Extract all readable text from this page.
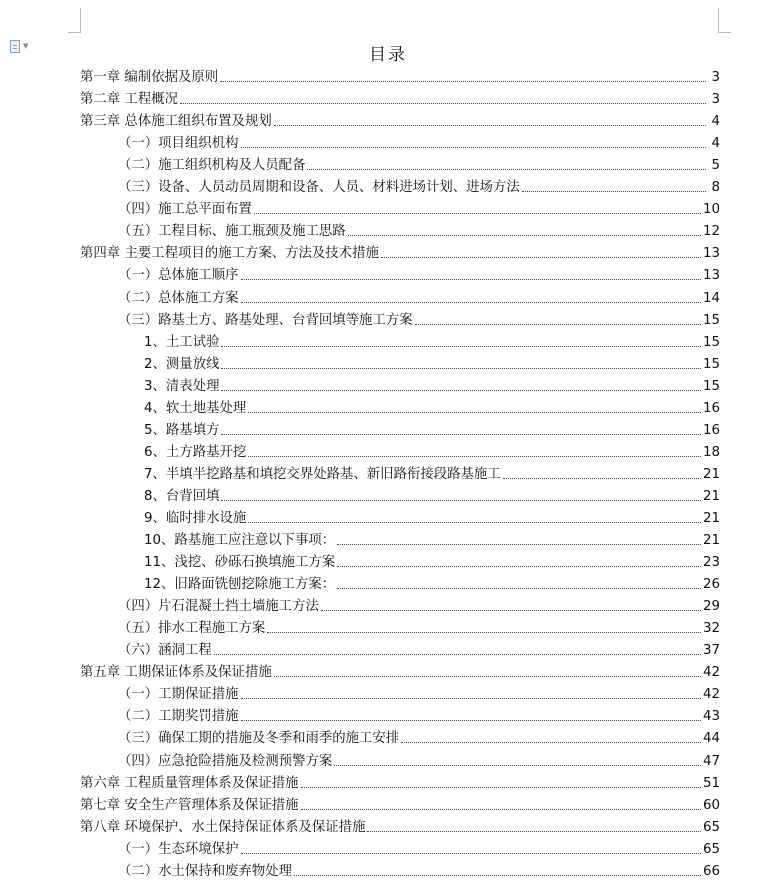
▼	目录
第一章 编制依据及原则	3
第二章 工程概况	3
第三章 总体施工组织布置及规划	4
（一）项目组织机构	4
（二）施工组织机构及人员配备	5
（三）设备、人员动员周期和设备、人员、材料进场计划、进场方法	8
（四）施工总平面布置	10
（五）工程目标、施工瓶颈及施工思路	12
第四章 主要工程项目的施工方案、方法及技术措施	13
（一）总体施工顺序	13
（二）总体施工方案	14
（三）路基土方、路基处理、台背回填等施工方案	15
1、土工试验	15
2、测量放线	15
3、清表处理	15
4、软土地基处理	16
5、路基填方	16
6、土方路基开挖	18
7、半填半挖路基和填挖交界处路基、新旧路衔接段路基施工	21
8、台背回填	21
9、临时排水设施	21
10、路基施工应注意以下事项：	21
11、浅挖、砂砾石换填施工方案	23
12、旧路面铣刨挖除施工方案：	26
（四）片石混凝土挡土墙施工方法	29
（五）排水工程施工方案	32
（六）涵洞工程	37
第五章 工期保证体系及保证措施	42
（一）工期保证措施	42
（二）工期奖罚措施	43
（三）确保工期的措施及冬季和雨季的施工安排	44
（四）应急抢险措施及检测预警方案	47
第六章 工程质量管理体系及保证措施	51
第七章 安全生产管理体系及保证措施	60
第八章 环境保护、水土保持保证体系及保证措施	65
（一）生态环境保护	65
（二）水土保持和废弃物处理	66
